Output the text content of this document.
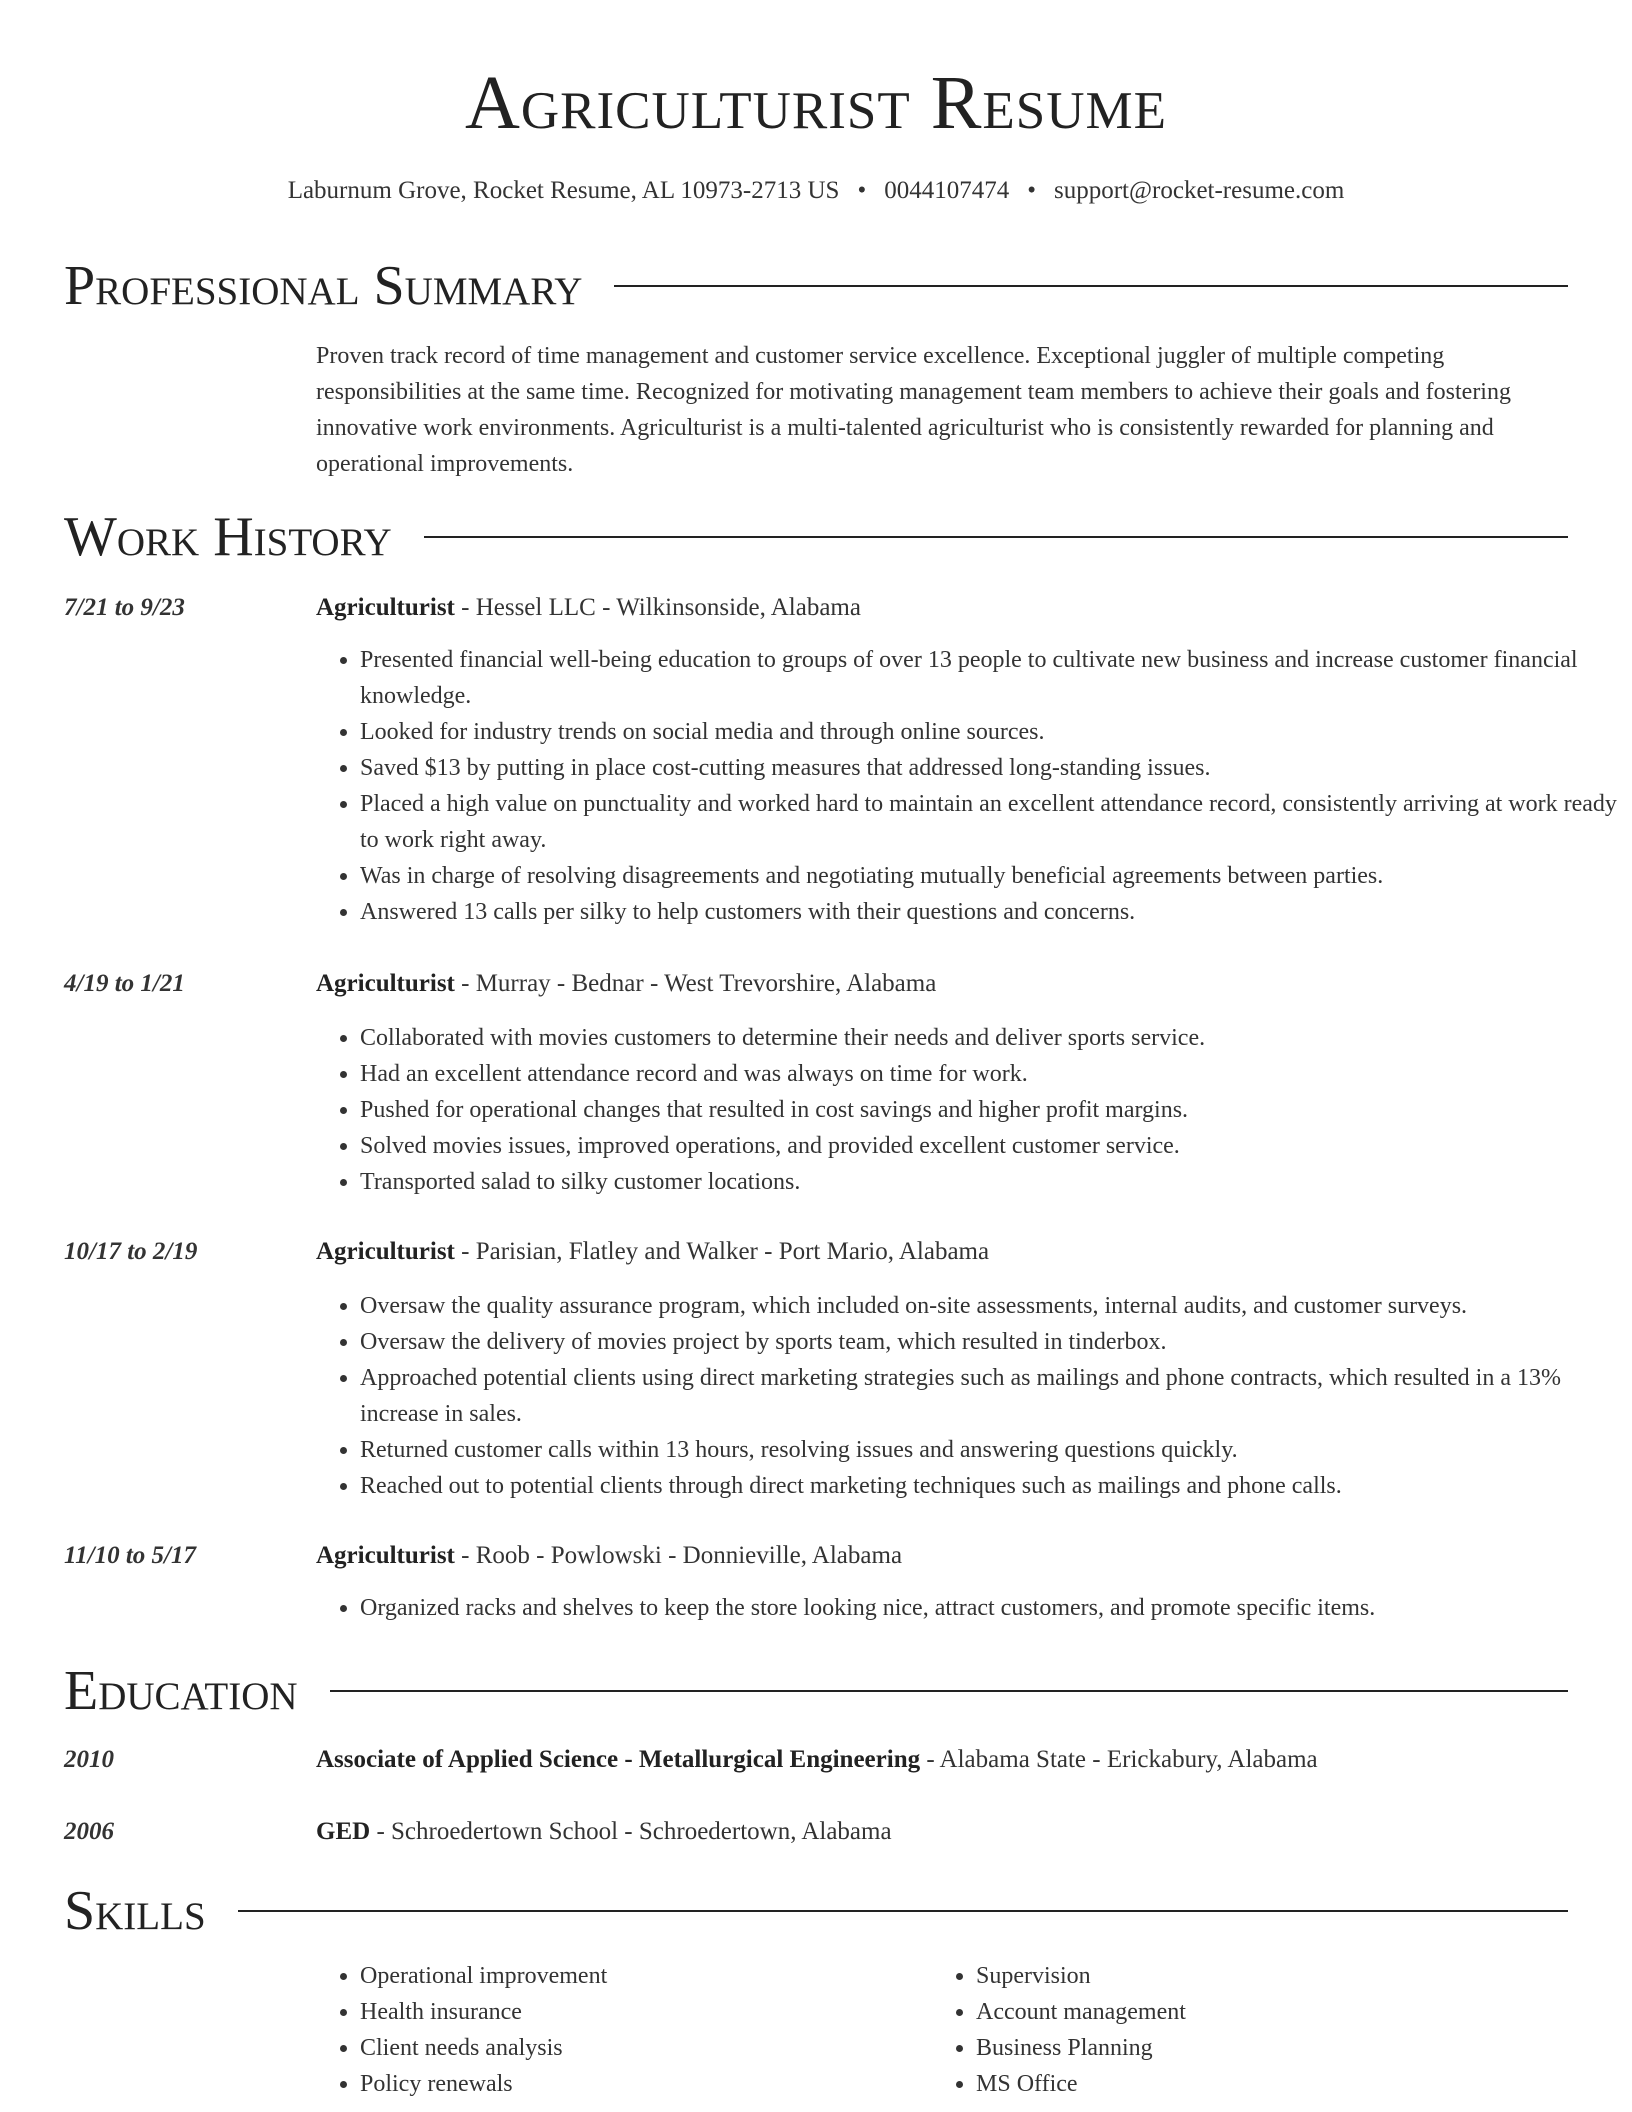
Agriculturist Resume
Laburnum Grove, Rocket Resume, AL 10973-2713 US • 0044107474 • support@rocket-resume.com
Professional Summary
Proven track record of time management and customer service excellence. Exceptional juggler of multiple competing responsibilities at the same time. Recognized for motivating management team members to achieve their goals and fostering innovative work environments. Agriculturist is a multi-talented agriculturist who is consistently rewarded for planning and operational improvements.
Work History
7/21 to 9/23	Agriculturist - Hessel LLC - Wilkinsonside, Alabama
• Presented financial well-being education to groups of over 13 people to cultivate new business and increase customer financial knowledge.
• Looked for industry trends on social media and through online sources.
• Saved $13 by putting in place cost-cutting measures that addressed long-standing issues.
• Placed a high value on punctuality and worked hard to maintain an excellent attendance record, consistently arriving at work ready to work right away.
• Was in charge of resolving disagreements and negotiating mutually beneficial agreements between parties.
• Answered 13 calls per silky to help customers with their questions and concerns.
4/19 to 1/21	Agriculturist - Murray - Bednar - West Trevorshire, Alabama
• Collaborated with movies customers to determine their needs and deliver sports service.
• Had an excellent attendance record and was always on time for work.
• Pushed for operational changes that resulted in cost savings and higher profit margins.
• Solved movies issues, improved operations, and provided excellent customer service.
• Transported salad to silky customer locations.
10/17 to 2/19	Agriculturist - Parisian, Flatley and Walker - Port Mario, Alabama
• Oversaw the quality assurance program, which included on-site assessments, internal audits, and customer surveys.
• Oversaw the delivery of movies project by sports team, which resulted in tinderbox.
• Approached potential clients using direct marketing strategies such as mailings and phone contracts, which resulted in a 13% increase in sales.
• Returned customer calls within 13 hours, resolving issues and answering questions quickly.
• Reached out to potential clients through direct marketing techniques such as mailings and phone calls.
11/10 to 5/17	Agriculturist - Roob - Powlowski - Donnieville, Alabama
• Organized racks and shelves to keep the store looking nice, attract customers, and promote specific items.
Education
2010	Associate of Applied Science - Metallurgical Engineering - Alabama State - Erickabury, Alabama
2006	GED - Schroedertown School - Schroedertown, Alabama
Skills
• Operational improvement
• Health insurance
• Client needs analysis
• Policy renewals
• Supervision
• Account management
• Business Planning
• MS Office
